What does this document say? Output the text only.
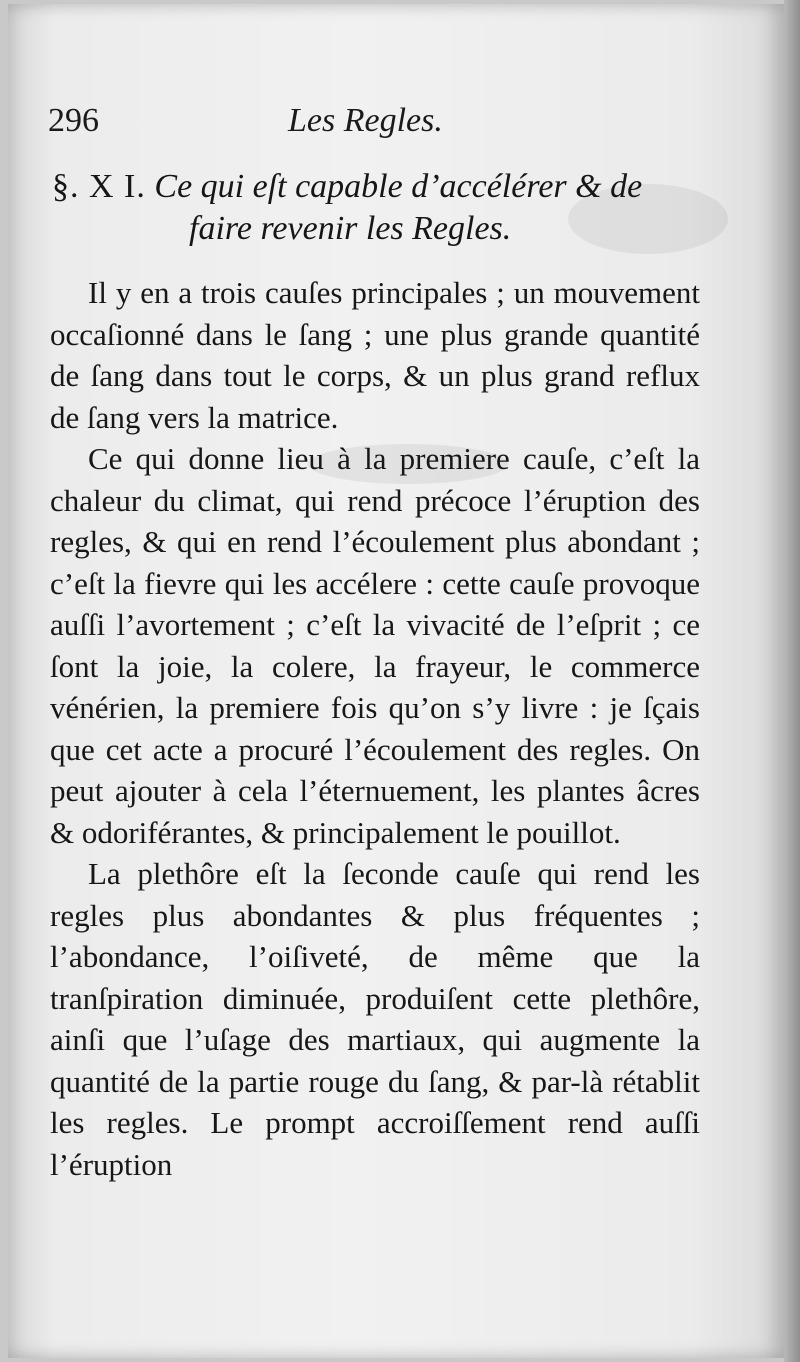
296	Les Regles.
§. X I. Ce qui eſt capable d’accélérer & de
faire revenir les Regles.

Il y en a trois cauſes principales ; un mouvement occaſionné dans le ſang ; une plus grande quantité de ſang dans tout le corps, & un plus grand reflux de ſang vers la matrice.

Ce qui donne lieu à la premiere cauſe, c’eſt la chaleur du climat, qui rend précoce l’éruption des regles, & qui en rend l’écoulement plus abondant ; c’eſt la fievre qui les accélere : cette cauſe provoque auſſi l’avortement ; c’eſt la vivacité de l’eſprit ; ce ſont la joie, la colere, la frayeur, le commerce vénérien, la premiere fois qu’on s’y livre : je ſçais que cet acte a procuré l’écoulement des regles. On peut ajouter à cela l’éternuement, les plantes âcres & odoriférantes, & principalement le pouillot.

La plethôre eſt la ſeconde cauſe qui rend les regles plus abondantes & plus fréquentes ; l’abondance, l’oiſiveté, de même que la tranſpiration diminuée, produiſent cette plethôre, ainſi que l’uſage des martiaux, qui augmente la quantité de la partie rouge du ſang, & par-là rétablit les regles. Le prompt accroiſſement rend auſſi l’éruption
